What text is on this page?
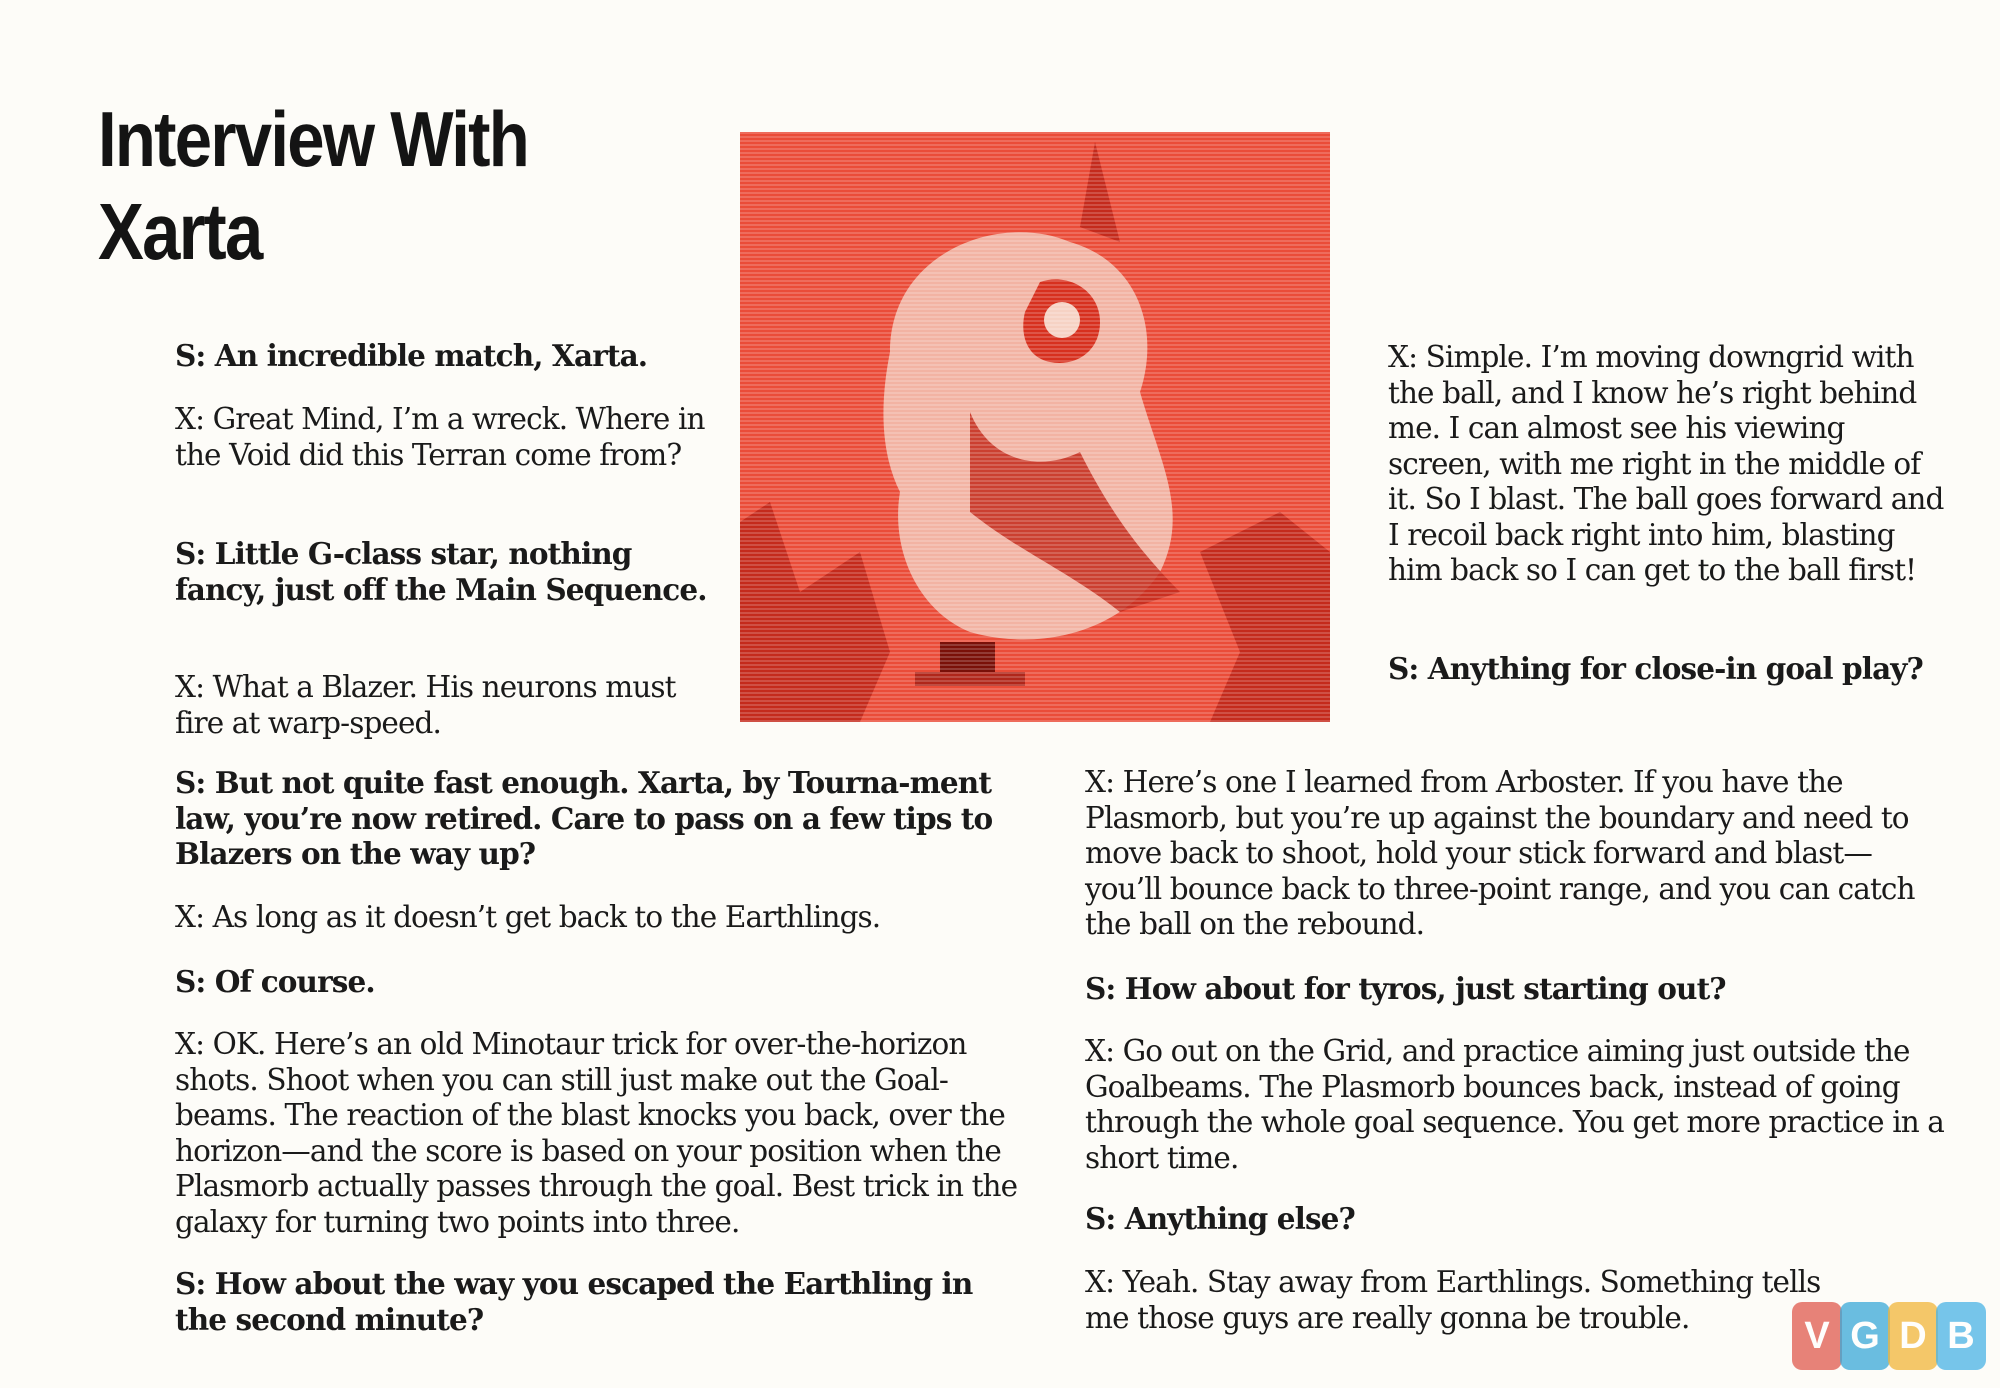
Interview With
Xarta

S: An incredible match, Xarta.

X: Great Mind, I’m a wreck. Where in the Void did this Terran come from?

S: Little G-class star, nothing fancy, just off the Main Sequence.

X: What a Blazer. His neurons must fire at warp-speed.

X: Simple. I’m moving downgrid with the ball, and I know he’s right behind me. I can almost see his viewing screen, with me right in the middle of it. So I blast. The ball goes forward and I recoil back right into him, blasting him back so I can get to the ball first!

S: Anything for close-in goal play?

S: But not quite fast enough. Xarta, by Tourna-ment law, you’re now retired. Care to pass on a few tips to Blazers on the way up?

X: As long as it doesn’t get back to the Earthlings.

S: Of course.

X: OK. Here’s an old Minotaur trick for over-the-horizon shots. Shoot when you can still just make out the Goal-beams. The reaction of the blast knocks you back, over the horizon—and the score is based on your position when the Plasmorb actually passes through the goal. Best trick in the galaxy for turning two points into three.

S: How about the way you escaped the Earthling in the second minute?

X: Here’s one I learned from Arboster. If you have the Plasmorb, but you’re up against the boundary and need to move back to shoot, hold your stick forward and blast—you’ll bounce back to three-point range, and you can catch the ball on the rebound.

S: How about for tyros, just starting out?

X: Go out on the Grid, and practice aiming just outside the Goalbeams. The Plasmorb bounces back, instead of going through the whole goal sequence. You get more practice in a short time.

S: Anything else?

X: Yeah. Stay away from Earthlings. Something tells me those guys are really gonna be trouble.	V G D B
